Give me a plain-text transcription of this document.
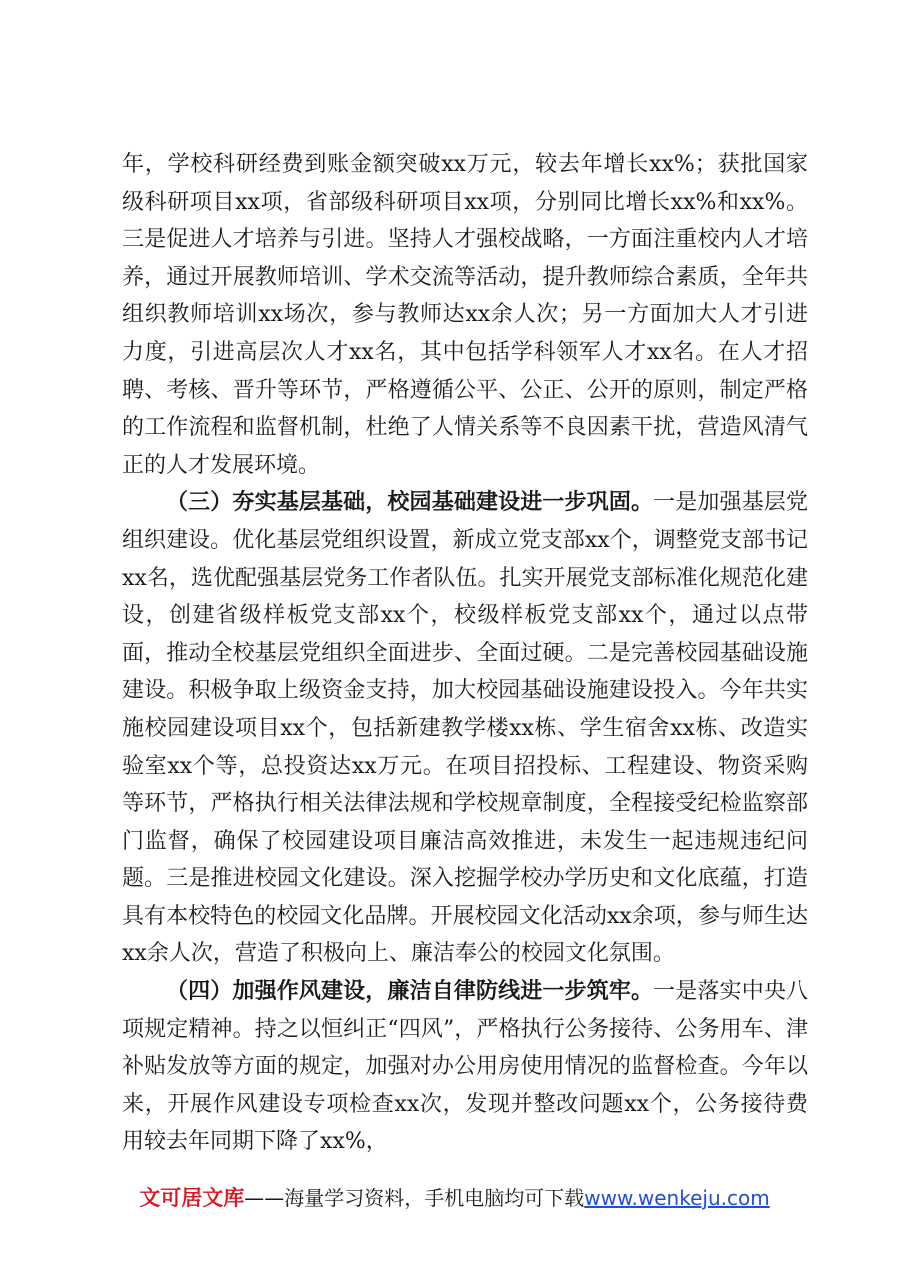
年，学校科研经费到账金额突破xx万元，较去年增长xx%；获批国家级科研项目xx项，省部级科研项目xx项，分别同比增长xx%和xx%。三是促进人才培养与引进。坚持人才强校战略，一方面注重校内人才培养，通过开展教师培训、学术交流等活动，提升教师综合素质，全年共组织教师培训xx场次，参与教师达xx余人次；另一方面加大人才引进力度，引进高层次人才xx名，其中包括学科领军人才xx名。在人才招聘、考核、晋升等环节，严格遵循公平、公正、公开的原则，制定严格的工作流程和监督机制，杜绝了人情关系等不良因素干扰，营造风清气正的人才发展环境。

（三）夯实基层基础，校园基础建设进一步巩固。一是加强基层党组织建设。优化基层党组织设置，新成立党支部xx个，调整党支部书记xx名，选优配强基层党务工作者队伍。扎实开展党支部标准化规范化建设，创建省级样板党支部xx个，校级样板党支部xx个，通过以点带面，推动全校基层党组织全面进步、全面过硬。二是完善校园基础设施建设。积极争取上级资金支持，加大校园基础设施建设投入。今年共实施校园建设项目xx个，包括新建教学楼xx栋、学生宿舍xx栋、改造实验室xx个等，总投资达xx万元。在项目招投标、工程建设、物资采购等环节，严格执行相关法律法规和学校规章制度，全程接受纪检监察部门监督，确保了校园建设项目廉洁高效推进，未发生一起违规违纪问题。三是推进校园文化建设。深入挖掘学校办学历史和文化底蕴，打造具有本校特色的校园文化品牌。开展校园文化活动xx余项，参与师生达xx余人次，营造了积极向上、廉洁奉公的校园文化氛围。

（四）加强作风建设，廉洁自律防线进一步筑牢。一是落实中央八项规定精神。持之以恒纠正“四风”，严格执行公务接待、公务用车、津补贴发放等方面的规定，加强对办公用房使用情况的监督检查。今年以来，开展作风建设专项检查xx次，发现并整改问题xx个，公务接待费用较去年同期下降了xx%，

文可居文库——海量学习资料，手机电脑均可下载www.wenkeju.com
